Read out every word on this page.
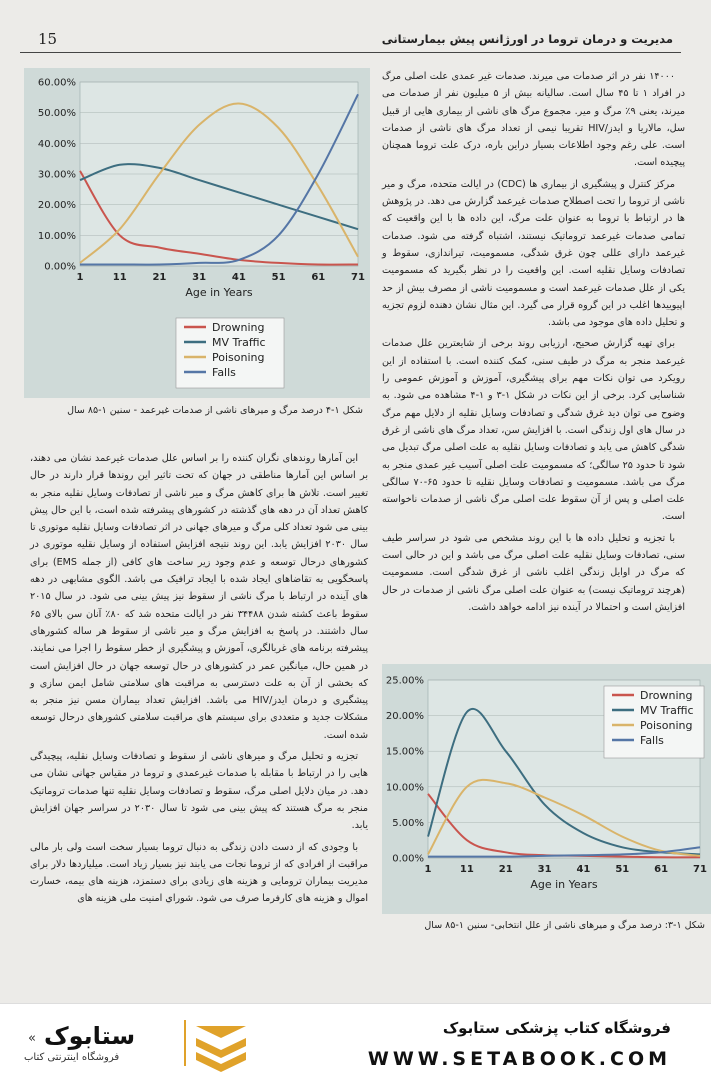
15	مدیریت و درمان تروما در اورژانس پیش بیمارستانی
0.00%
10.00%
20.00%
30.00%
40.00%
50.00%
60.00%
1	11	21	31	41	51	61	71
Age in Years
Drowning
MV Traffic
Poisoning
Falls
شکل ۱-۴ درصد مرگ و میرهای ناشی از صدمات غیرعمد - سنین ۱-۸۵ سال

۱۴۰۰۰ نفر در اثر صدمات می میرند. صدمات غیر عمدی علت اصلی مرگ در افراد ۱ تا ۴۵ سال است. سالیانه بیش از ۵ میلیون نفر از صدمات می میرند، یعنی ۹٪ مرگ و میر. مجموع مرگ های ناشی از بیماری هایی از قبیل سل، مالاریا و ایدز/HIV تقریبا نیمی از تعداد مرگ های ناشی از صدمات است. علی رغم وجود اطلاعات بسیار دراین باره، درک علت تروما همچنان پیچیده است.

مرکز کنترل و پیشگیری از بیماری ها (CDC) در ایالت متحده، مرگ و میر ناشی از تروما را تحت اصطلاح صدمات غیرعمد گزارش می دهد. در پژوهش ها در ارتباط با تروما به عنوان علت مرگ، این داده ها با این واقعیت که تمامی صدمات غیرعمد تروماتیک نیستند، اشتباه گرفته می شود. صدمات غیرعمد دارای عللی چون غرق شدگی، مسمومیت، تیراندازی، سقوط و تصادفات وسایل نقلیه است. این واقعیت را در نظر بگیرید که مسمومیت یکی از علل صدمات غیرعمد است و مسمومیت ناشی از مصرف بیش از حد اپیوییدها اغلب در این گروه قرار می گیرد. این مثال نشان دهنده لزوم تجزیه و تحلیل داده های موجود می باشد.

برای تهیه گزارش صحیح، ارزیابی روند برخی از شایعترین علل صدمات غیرعمد منجر به مرگ در طیف سنی، کمک کننده است. با استفاده از این رویکرد می توان نکات مهم برای پیشگیری، آموزش و آموزش عمومی را شناسایی کرد. برخی از این نکات در شکل ۱-۳ و ۱-۴ مشاهده می شود. به وضوح می توان دید غرق شدگی و تصادفات وسایل نقلیه از دلایل مهم مرگ در سال های اول زندگی است. با افزایش سن، تعداد مرگ های ناشی از غرق شدگی کاهش می یابد و تصادفات وسایل نقلیه به علت اصلی مرگ تبدیل می شود تا حدود ۲۵ سالگی؛ که مسمومیت علت اصلی آسیب غیر عمدی منجر به مرگ می باشد. مسمومیت و تصادفات وسایل نقلیه تا حدود ۶۵-۷۰ سالگی علت اصلی و پس از آن سقوط علت اصلی مرگ ناشی از صدمات ناخواسته است.

با تجزیه و تحلیل داده ها با این روند مشخص می شود در سراسر طیف سنی، تصادفات وسایل نقلیه علت اصلی مرگ می باشد و این در حالی است که مرگ در اوایل زندگی اغلب ناشی از غرق شدگی است. مسمومیت (هرچند تروماتیک نیست) به عنوان علت اصلی مرگ ناشی از صدمات در حال افزایش است و احتمالا در آینده نیز ادامه خواهد داشت.

این آمارها روندهای نگران کننده را بر اساس علل صدمات غیرعمد نشان می دهند، بر اساس این آمارها مناطقی در جهان که تحت تاثیر این روندها قرار دارند در حال تغییر است. تلاش ها برای کاهش مرگ و میر ناشی از تصادفات وسایل نقلیه منجر به کاهش تعداد آن در دهه های گذشته در کشورهای پیشرفته شده است، با این حال پیش بینی می شود تعداد کلی مرگ و میرهای جهانی در اثر تصادفات وسایل نقلیه موتوری تا سال ۲۰۳۰ افزایش یابد. این روند نتیجه افزایش استفاده از وسایل نقلیه موتوری در کشورهای درحال توسعه و عدم وجود زیر ساخت های کافی (از جمله EMS) برای پاسخگویی به تقاضاهای ایجاد شده با ایجاد ترافیک می باشد. الگوی مشابهی در دهه های آینده در ارتباط با مرگ ناشی از سقوط نیز پیش بینی می شود. در سال ۲۰۱۵ سقوط باعث کشته شدن ۳۴۴۸۸ نفر در ایالت متحده شد که ۸۰٪ آنان سن بالای ۶۵ سال داشتند. در پاسخ به افزایش مرگ و میر ناشی از سقوط هر ساله کشورهای پیشرفته برنامه های غربالگری، آموزش و پیشگیری از خطر سقوط را اجرا می نمایند. در همین حال، میانگین عمر در کشورهای در حال توسعه جهان در حال افزایش است که بخشی از آن به علت دسترسی به مراقبت های سلامتی شامل ایمن سازی و پیشگیری و درمان ایدز/HIV می باشد. افزایش تعداد بیماران مسن نیز منجر به مشکلات جدید و متعددی برای سیستم های مراقبت سلامتی کشورهای درحال توسعه شده است.

تجزیه و تحلیل مرگ و میرهای ناشی از سقوط و تصادفات وسایل نقلیه، پیچیدگی هایی را در ارتباط با مقابله با صدمات غیرعمدی و تروما در مقیاس جهانی نشان می دهد. در میان دلایل اصلی مرگ، سقوط و تصادفات وسایل نقلیه تنها صدمات تروماتیک منجر به مرگ هستند که پیش بینی می شود تا سال ۲۰۳۰ در سراسر جهان افزایش یابد.

با وجودی که از دست دادن زندگی به دنبال تروما بسیار سخت است ولی بار مالی مراقبت از افرادی که از تروما نجات می یابند نیز بسیار زیاد است. میلیاردها دلار برای مدیریت بیماران ترومایی و هزینه های زیادی برای دستمزد، هزینه های بیمه، خسارت اموال و هزینه های کارفرما صرف می شود. شوراي امنیت ملی هزینه های

0.00%
5.00%
10.00%
15.00%
20.00%
25.00%
1	11 21 31 41 51 61 71
Age in Years
Drowning
MV Traffic
Poisoning
Falls
شکل ۱-۳: درصد مرگ و میرهای ناشی از علل انتخابی- سنین ۱-۸۵ سال
« ستابوک
فروشگاه اینترنتی کتاب
فروشگاه کتاب پزشکی ستابوک
WWW.SETABOOK.COM
